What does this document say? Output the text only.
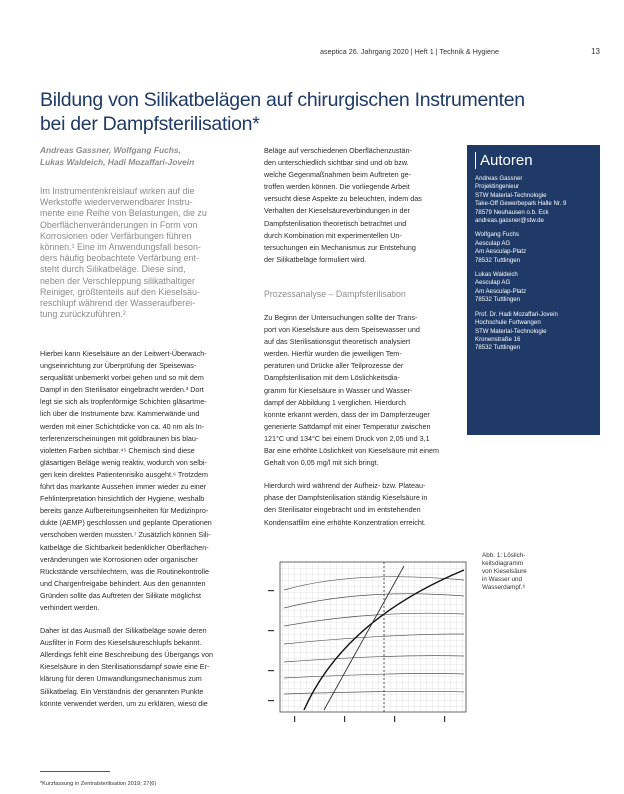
aseptica 26. Jahrgang 2020 | Heft 1 | Technik & Hygiene	13
Bildung von Silikatbelägen auf chirurgischen Instrumenten
bei der Dampfsterilisation*
Andreas Gassner, Wolfgang Fuchs,
Lukas Waldeich, Hadi Mozaffari-Jovein
Im Instrumentenkreislauf wirken auf die
Werkstoffe wiederverwendbarer Instru-
mente eine Reihe von Belastungen, die zu
Oberflächenveränderungen in Form von
Korrosionen oder Verfärbungen führen
können.¹ Eine im Anwendungsfall beson-
ders häufig beobachtete Verfärbung ent-
steht durch Silikatbeläge. Diese sind,
neben der Verschleppung silikathaltiger
Reiniger, größtenteils auf den Kieselsäu-
reschlupf während der Wasseraufberei-
tung zurückzuführen.²

Hierbei kann Kieselsäure an der Leitwert-Überwach-
ungseinrichtung zur Überprüfung der Speisewas-
serqualität unbemerkt vorbei gehen und so mit dem
Dampf in den Sterilisator eingebracht werden.³ Dort
legt sie sich als tropfenförmige Schichten gläsartme-
lich über die Instrumente bzw. Kammerwände und
werden mit einer Schichtdicke von ca. 40 nm als In-
terferenzerscheinungen mit goldbraunen bis blau-
violetten Farben sichtbar.⁴⁵ Chemisch sind diese
gläsartigen Beläge wenig reaktiv, wodurch von selbi-
gen kein direktes Patientenrisiko ausgeht.⁶ Trotzdem
führt das markante Aussehen immer wieder zu einer
Fehlinterpretation hinsichtlich der Hygiene, weshalb
bereits ganze Aufbereitungseinheiten für Medizinpro-
dukte (AEMP) geschlossen und geplante Operationen
verschoben werden mussten.⁷ Zusätzlich können Sili-
katbeläge die Sichtbarkeit bedenklicher Oberflächen-
veränderungen wie Korrosionen oder organischer
Rückstände verschlechtern, was die Routinekontrolle
und Chargenfreigabe behindert. Aus den genannten
Gründen sollte das Auftreten der Silikate möglichst
verhindert werden.

Daher ist das Ausmaß der Silikatbeläge sowie deren
Ausfilter in Form des Kieselsäureschlupfs bekannt.
Allerdings fehlt eine Beschreibung des Übergangs von
Kieselsäure in den Sterilisationsdampf sowie eine Er-
klärung für deren Umwandlungsmechanismus zum
Silikatbelag. Ein Verständnis der genannten Punkte
könnte verwendet werden, um zu erklären, wieso die

Beläge auf verschiedenen Oberflächenzustän-
den unterschiedlich sichtbar sind und ob bzw.
welche Gegenmaßnahmen beim Auftreten ge-
troffen werden können. Die vorliegende Arbeit
versucht diese Aspekte zu beleuchten, indem das
Verhalten der Kieselsäureverbindungen in der
Dampfsterilisation theoretisch betrachtet und
durch Kombination mit experimentellen Un-
tersuchungen ein Mechanismus zur Entstehung
der Silikatbeläge formuliert wird.
Prozessanalyse – Dampfsterilisation

Zu Beginn der Untersuchungen sollte der Trans-
port von Kieselsäure aus dem Speisewasser und
auf das Sterilisationsgut theoretisch analysiert
werden. Hierfür wurden die jeweiligen Tem-
peraturen und Drücke aller Teilprozesse der
Dampfsterilisation mit dem Löslichkeitsdia-
gramm für Kieselsäure in Wasser und Wasser-
dampf der Abbildung 1 verglichen. Hierdurch
konnte erkannt werden, dass der im Dampferzeuger
generierte Sattdampf mit einer Temperatur zwischen
121°C und 134°C bei einem Druck von 2,05 und 3,1
Bar eine erhöhte Löslichkeit von Kieselsäure mit einem
Gehalt von 0,05 mg/l mit sich bringt.

Hierdurch wird während der Aufheiz- bzw. Plateau-
phase der Dampfsterilisation ständig Kieselsäure in
den Sterilisator eingebracht und im entstehenden
Kondensatfilm eine erhöhte Konzentration erreicht.

Autoren
Andreas Gassner
Projektingenieur
STW Material-Technologie
Take-Off Gewerbepark Halle Nr. 9
78579 Neuhausen o.b. Eck
andreas.gassner@stw.de
Wolfgang Fuchs
Aesculap AG
Am Aesculap-Platz
78532 Tuttlingen
Lukas Waldeich
Aesculap AG
Am Aesculap-Platz
78532 Tuttlingen
Prof. Dr. Hadi Mozaffari-Jovein
Hochschule Furtwangen
STW Material-Technologie
Kronenstraße 16
78532 Tuttlingen
Abb. 1: Löslich-
keitsdiagramm
von Kieselsäure
in Wasser und
Wasserdampf.⁸
*Kurzfassung in Zentralsterilisation 2019; 27(6)
